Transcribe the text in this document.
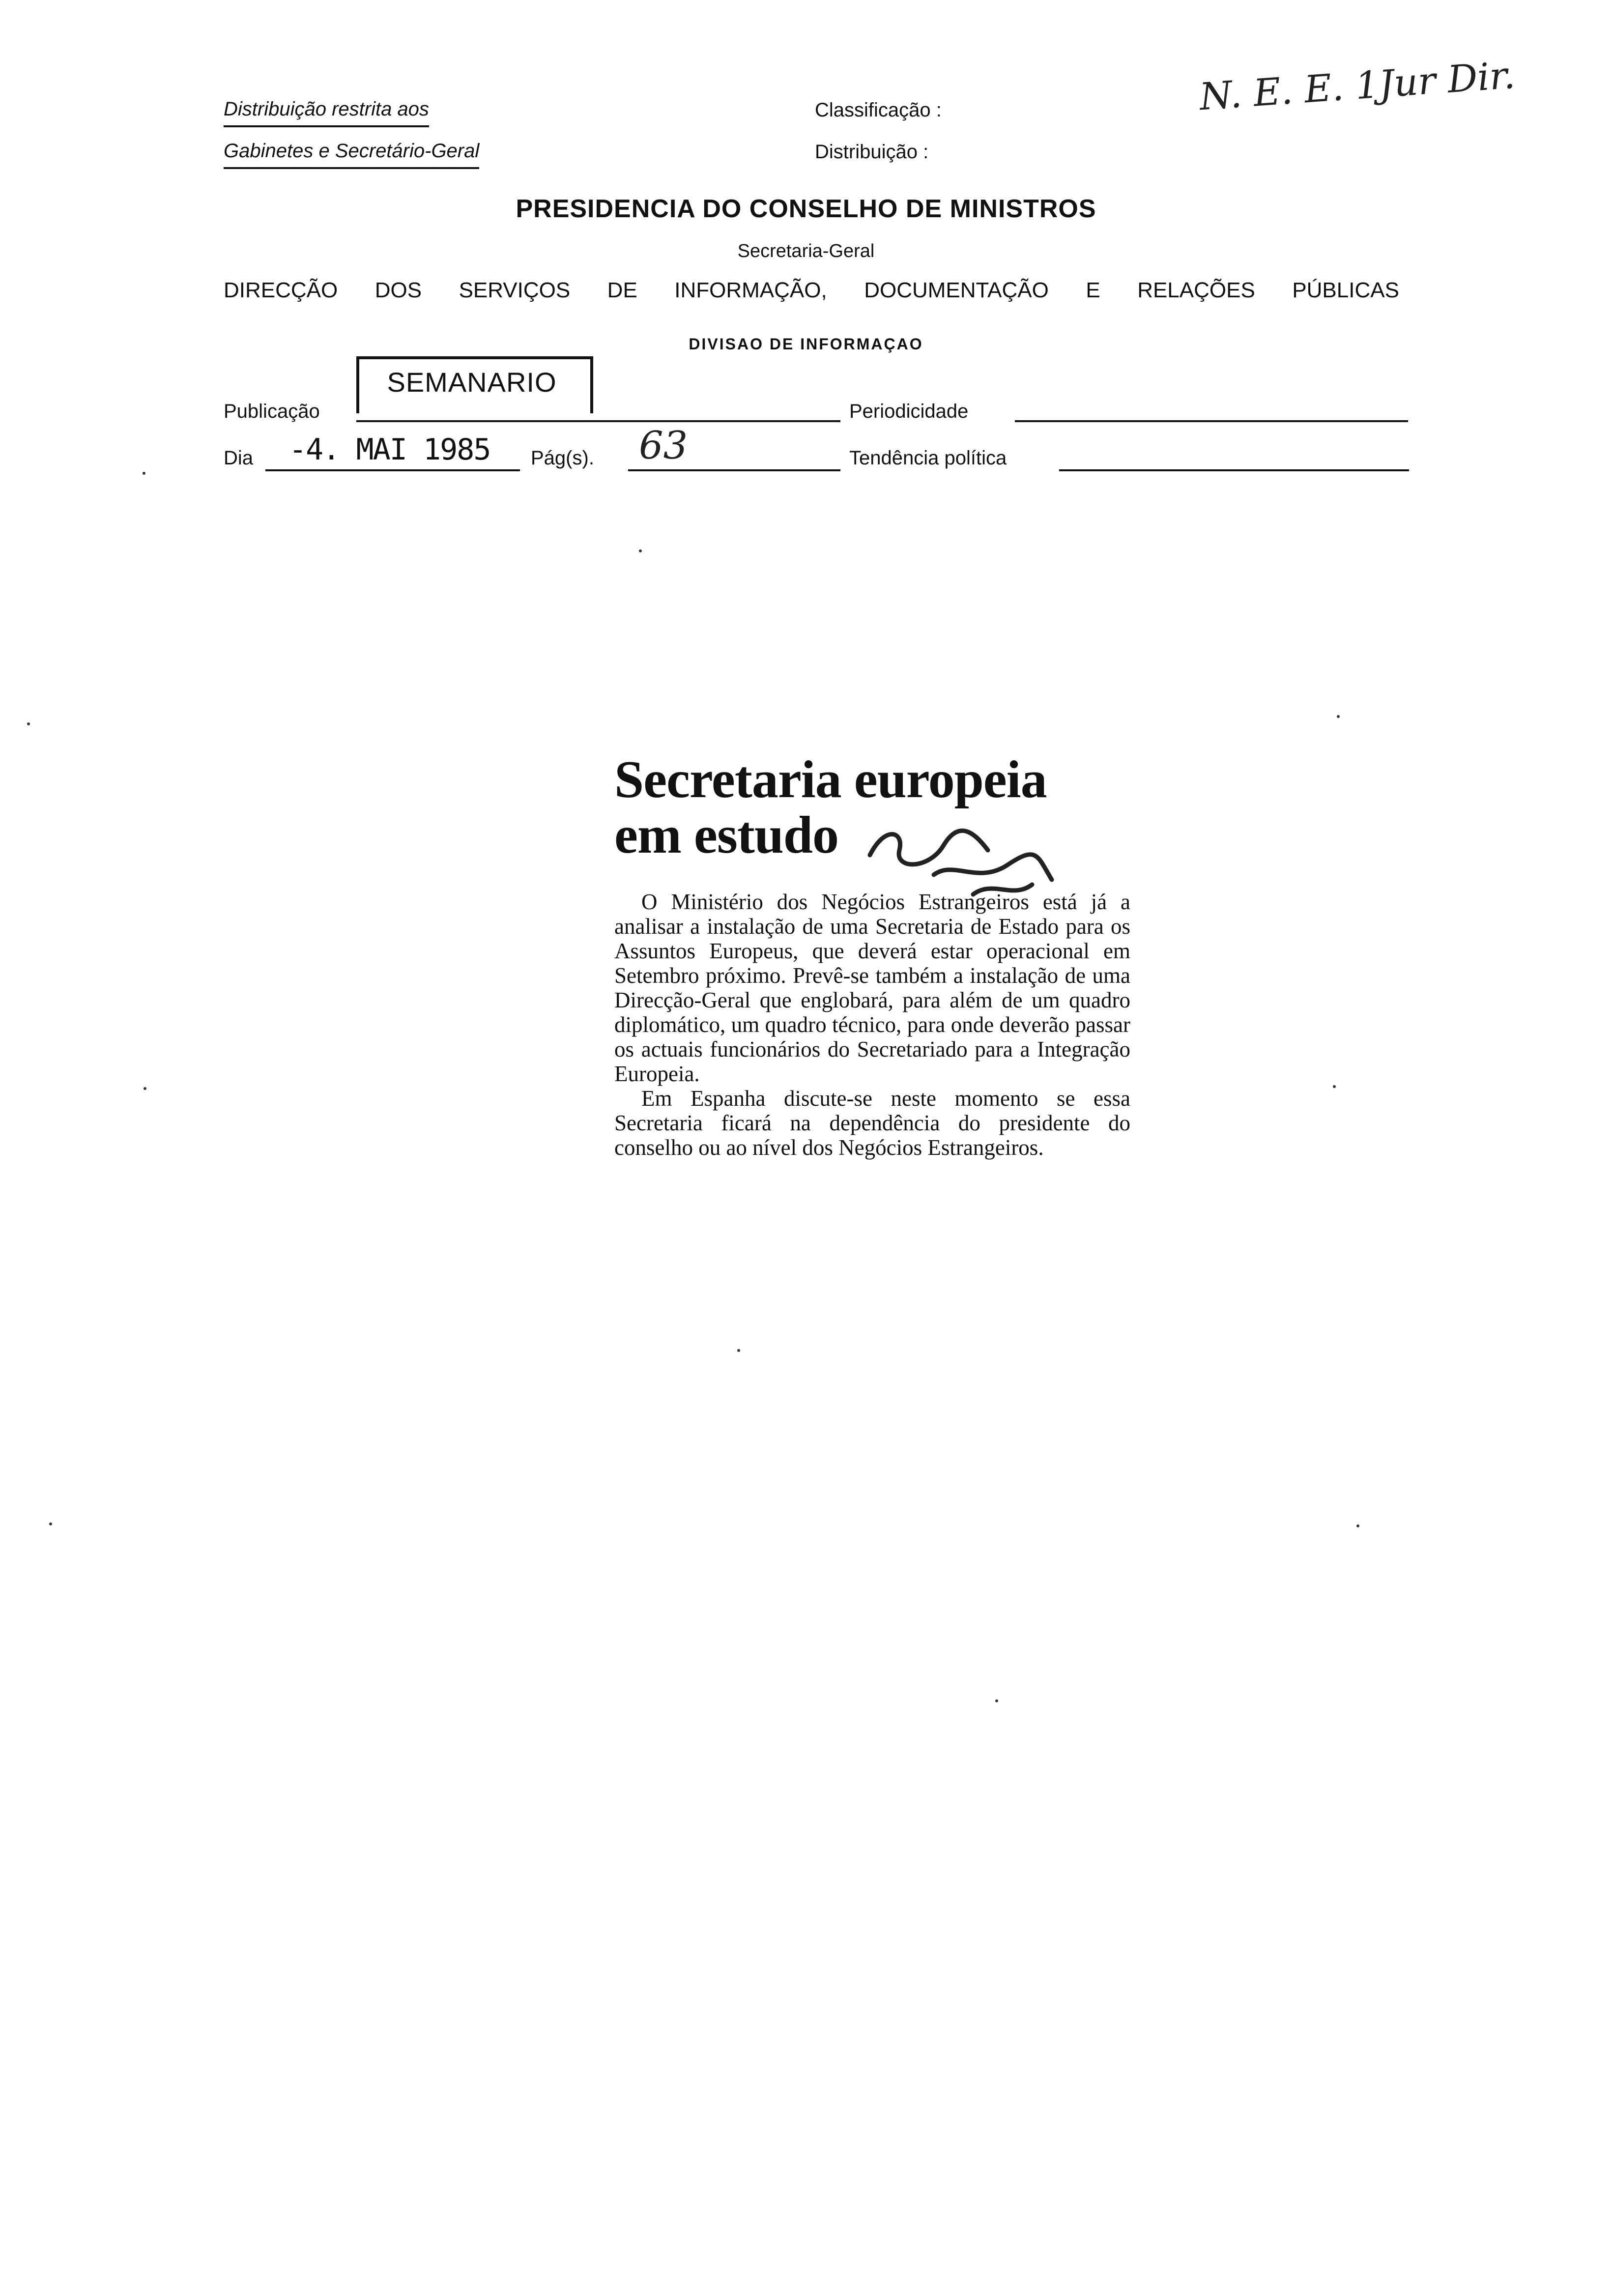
Distribuição restrita aos
Gabinetes e Secretário-Geral
Classificação :
Distribuição :
N. E. E. 1Jur Dir.
PRESIDENCIA DO CONSELHO DE MINISTROS
Secretaria-Geral
DIRECÇÃO DOS SERVIÇOS DE INFORMAÇÃO, DOCUMENTAÇÃO E RELAÇÕES PÚBLICAS
DIVISAO DE INFORMAÇAO
Publicação
SEMANARIO
Periodicidade
Dia -4. MAI 1985 Pág(s). 63	Tendência política
Secretaria europeia
em estudo

O Ministério dos Negócios Estrangeiros está já a analisar a instalação de uma Secretaria de Estado para os Assuntos Europeus, que deverá estar operacional em Setembro próximo. Prevê-se também a instalação de uma Direcção-Geral que englobará, para além de um quadro diplomático, um quadro técnico, para onde deverão passar os actuais funcionários do Secretariado para a Integração Europeia.

Em Espanha discute-se neste momento se essa Secretaria ficará na dependência do presidente do conselho ou ao nível dos Negócios Estrangeiros.
